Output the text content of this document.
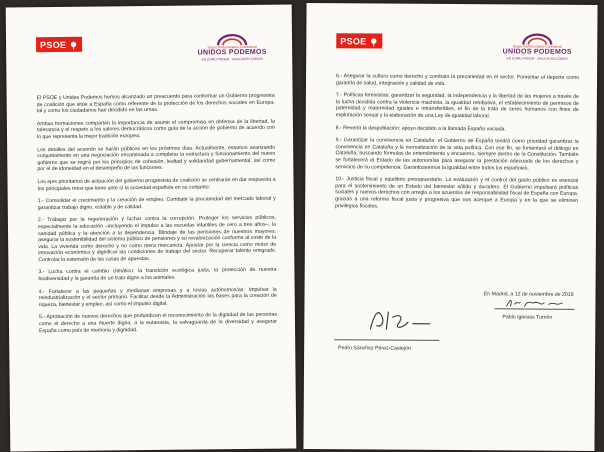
PSOE	Grupo Parlamentario Confederal
UNIDOS PODEMOS
EN COMÚ PODEM · GALICIA EN COMÚN

El PSOE y Unidas Podemos hemos alcanzado un preacuerdo para conformar un Gobierno progresista de coalición que sitúe a España como referente de la protección de los derechos sociales en Europa, tal y como los ciudadanos han decidido en las urnas.

Ambas formaciones comparten la importancia de asumir el compromiso en defensa de la libertad, la tolerancia y el respeto a los valores democráticos como guía de la acción de gobierno de acuerdo con lo que representa la mejor tradición europea.

Los detalles del acuerdo se harán públicos en los próximos días. Actualmente, estamos avanzando conjuntamente en una negociación encaminada a completar la estructura y funcionamiento del nuevo gobierno que se regirá por los principios de cohesión, lealtad y solidaridad gubernamental, así como por el de idoneidad en el desempeño de las funciones.

Los ejes prioritarios de actuación del gobierno progresista de coalición se centrarán en dar respuesta a los principales retos que tiene ante sí la sociedad española en su conjunto:

1.- Consolidar el crecimiento y la creación de empleo. Combatir la precariedad del mercado laboral y garantizar trabajo digno, estable y de calidad.

2.- Trabajar por la regeneración y luchar contra la corrupción. Proteger los servicios públicos, especialmente la educación –incluyendo el impulso a las escuelas infantiles de cero a tres años–, la sanidad pública y la atención a la dependencia. Blindaje de las pensiones de nuestros mayores: asegurar la sostenibilidad del sistema público de pensiones y su revalorización conforme al coste de la vida. La vivienda como derecho y no como mera mercancía. Apostar por la ciencia como motor de innovación económica y dignificar las condiciones de trabajo del sector. Recuperar talento emigrado. Controlar la extensión de las casas de apuestas.

3.- Lucha contra el cambio climático: la transición ecológica justa, la protección de nuestra biodiversidad y la garantía de un trato digno a los animales.

4.- Fortalecer a las pequeñas y medianas empresas y a los/as autónomos/as. Impulsar la reindustrialización y el sector primario. Facilitar desde la Administración las bases para la creación de riqueza, bienestar y empleo, así como el impulso digital.

5.- Aprobación de nuevos derechos que profundicen el reconocimiento de la dignidad de las personas como el derecho a una muerte digna, a la eutanasia, la salvaguarda de la diversidad y asegurar España como país de memoria y dignidad.

PSOE
Grupo Parlamentario Confederal
UNIDOS PODEMOS
EN COMÚ PODEM · GALICIA EN COMÚN

6.- Asegurar la cultura como derecho y combatir la precariedad en el sector. Fomentar el deporte como garantía de salud, integración y calidad de vida.

7.- Políticas feministas: garantizar la seguridad, la independencia y la libertad de las mujeres a través de la lucha decidida contra la violencia machista, la igualdad retributiva, el establecimiento de permisos de paternidad y maternidad iguales e intransferibles, el fin de la trata de seres humanos con fines de explotación sexual y la elaboración de una Ley de igualdad laboral.

8.- Revertir la despoblación: apoyo decidido a la llamada España vaciada.

9.- Garantizar la convivencia en Cataluña: el Gobierno de España tendrá como prioridad garantizar la convivencia en Cataluña y la normalización de la vida política. Con ese fin, se fomentará el diálogo en Cataluña, buscando fórmulas de entendimiento y encuentro, siempre dentro de la Constitución. También se fortalecerá el Estado de las autonomías para asegurar la prestación adecuada de los derechos y servicios de su competencia. Garantizaremos la igualdad entre todos los españoles.

10.- Justicia fiscal y equilibrio presupuestario. La evaluación y el control del gasto público es esencial para el sostenimiento de un Estado del bienestar sólido y duradero. El Gobierno impulsará políticas sociales y nuevos derechos con arreglo a los acuerdos de responsabilidad fiscal de España con Europa, gracias a una reforma fiscal justa y progresiva que nos acerque a Europa y en la que se eliminen privilegios fiscales.

En Madrid, a 12 de noviembre de 2019
Pedro Sánchez Pérez-Castejón
Pablo Iglesias Turrión
